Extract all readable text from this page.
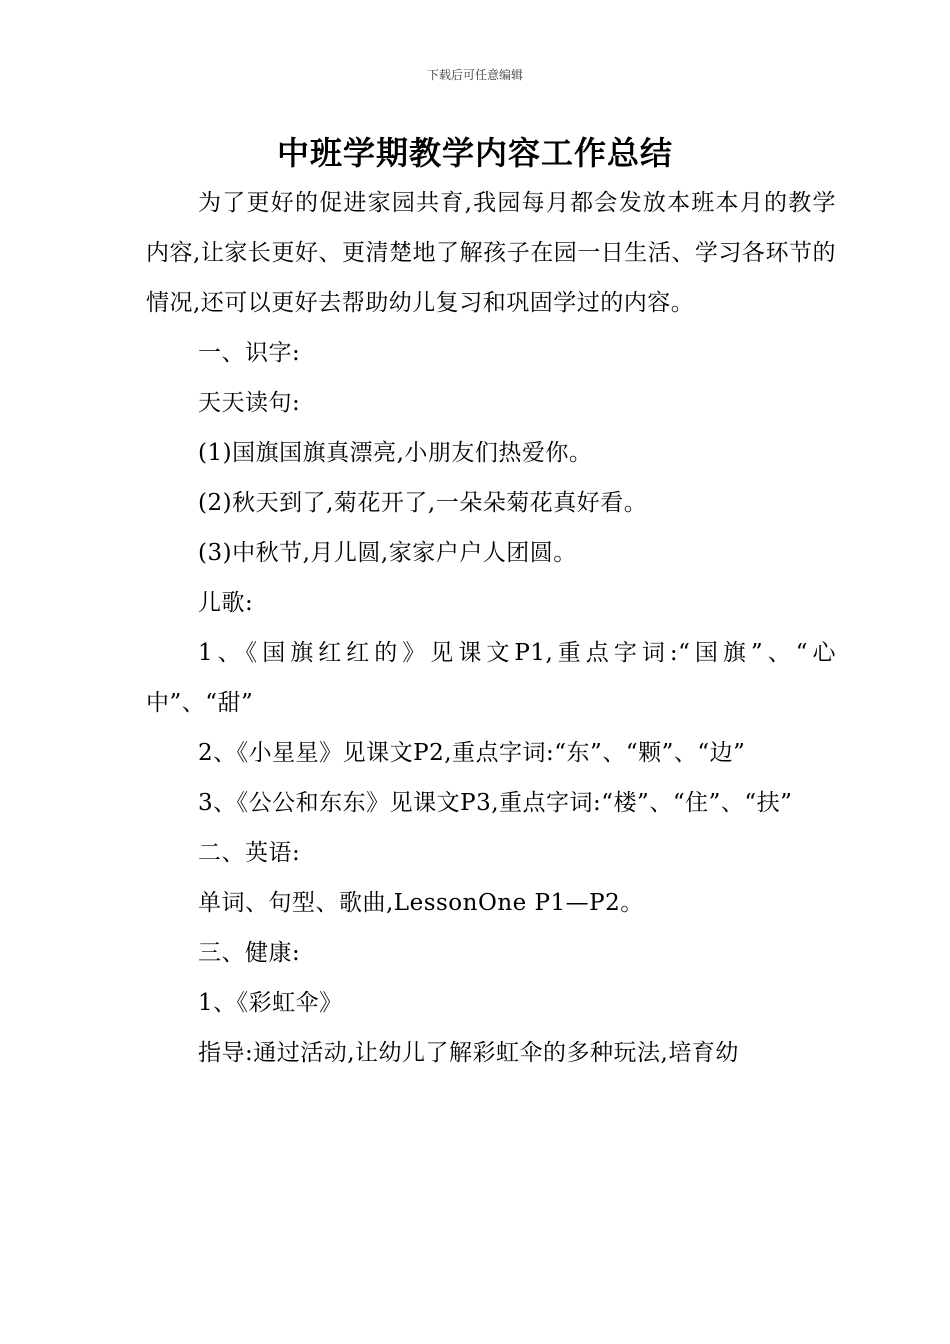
下载后可任意编辑
中班学期教学内容工作总结

为了更好的促进家园共育,我园每月都会发放本班本月的教学内容,让家长更好、更清楚地了解孩子在园一日生活、学习各环节的情况,还可以更好去帮助幼儿复习和巩固学过的内容。

一、识字:

天天读句:

(1)国旗国旗真漂亮,小朋友们热爱你。

(2)秋天到了,菊花开了,一朵朵菊花真好看。

(3)中秋节,月儿圆,家家户户人团圆。

儿歌:

1、《国旗红红的》见课文P1,重点字词:“国旗”、“心中”、“甜”

2、《小星星》见课文P2,重点字词:“东”、“颗”、“边”

3、《公公和东东》见课文P3,重点字词:“楼”、“住”、“扶”

二、英语:

单词、句型、歌曲,LessonOne P1—P2。

三、健康:

1、《彩虹伞》

指导:通过活动,让幼儿了解彩虹伞的多种玩法,培育幼
